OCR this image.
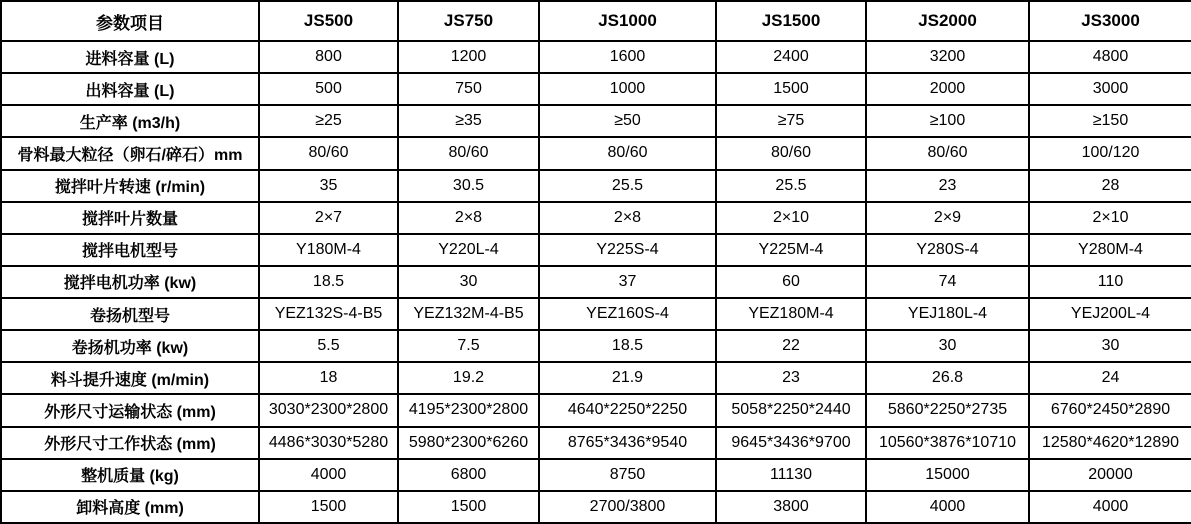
参数项目	JS500	JS750	JS1000	JS1500	JS2000	JS3000
进料容量 (L)	800	1200	1600	2400	3200	4800
出料容量 (L)	500	750	1000	1500	2000	3000
生产率 (m3/h)	≥25	≥35	≥50	≥75	≥100	≥150
骨料最大粒径（卵石/碎石）mm	80/60	80/60	80/60	80/60	80/60	100/120
搅拌叶片转速 (r/min)	35	30.5	25.5	25.5	23	28
搅拌叶片数量	2×7	2×8	2×8	2×10	2×9	2×10
搅拌电机型号	Y180M-4	Y220L-4	Y225S-4	Y225M-4	Y280S-4	Y280M-4
搅拌电机功率 (kw)	18.5	30	37	60	74	110
卷扬机型号	YEZ132S-4-B5	YEZ132M-4-B5	YEZ160S-4	YEZ180M-4	YEJ180L-4	YEJ200L-4
卷扬机功率 (kw)	5.5	7.5	18.5	22	30	30
料斗提升速度 (m/min)	18	19.2	21.9	23	26.8	24
外形尺寸运输状态 (mm)	3030*2300*2800	4195*2300*2800	4640*2250*2250	5058*2250*2440	5860*2250*2735	6760*2450*2890
外形尺寸工作状态 (mm)	4486*3030*5280	5980*2300*6260	8765*3436*9540	9645*3436*9700	10560*3876*10710	12580*4620*12890
整机质量 (kg)	4000	6800	8750	11130	15000	20000
卸料高度 (mm)	1500	1500	2700/3800	3800	4000	4000
